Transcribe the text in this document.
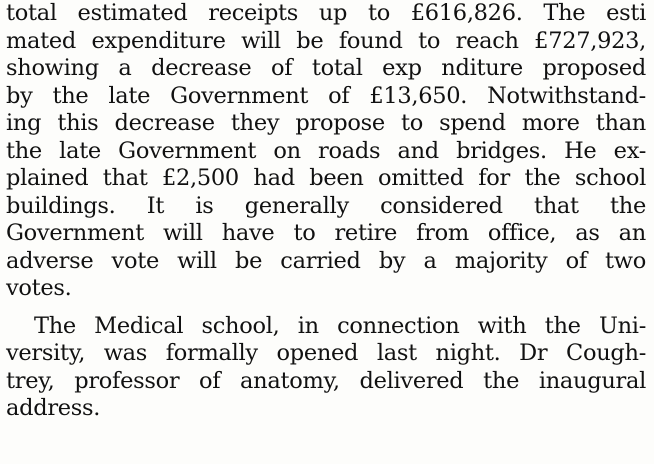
total estimated receipts up to £616,826. The esti
mated expenditure will be found to reach £727,923,
showing a decrease of total exp nditure proposed
by the late Government of £13,650. Notwithstand-
ing this decrease they propose to spend more than
the late Government on roads and bridges. He ex-
plained that £2,500 had been omitted for the school
buildings. It is generally considered that the
Government will have to retire from office, as an
adverse vote will be carried by a majority of two
votes.
The Medical school, in connection with the Uni-
versity, was formally opened last night. Dr Cough-
trey, professor of anatomy, delivered the inaugural
address.
